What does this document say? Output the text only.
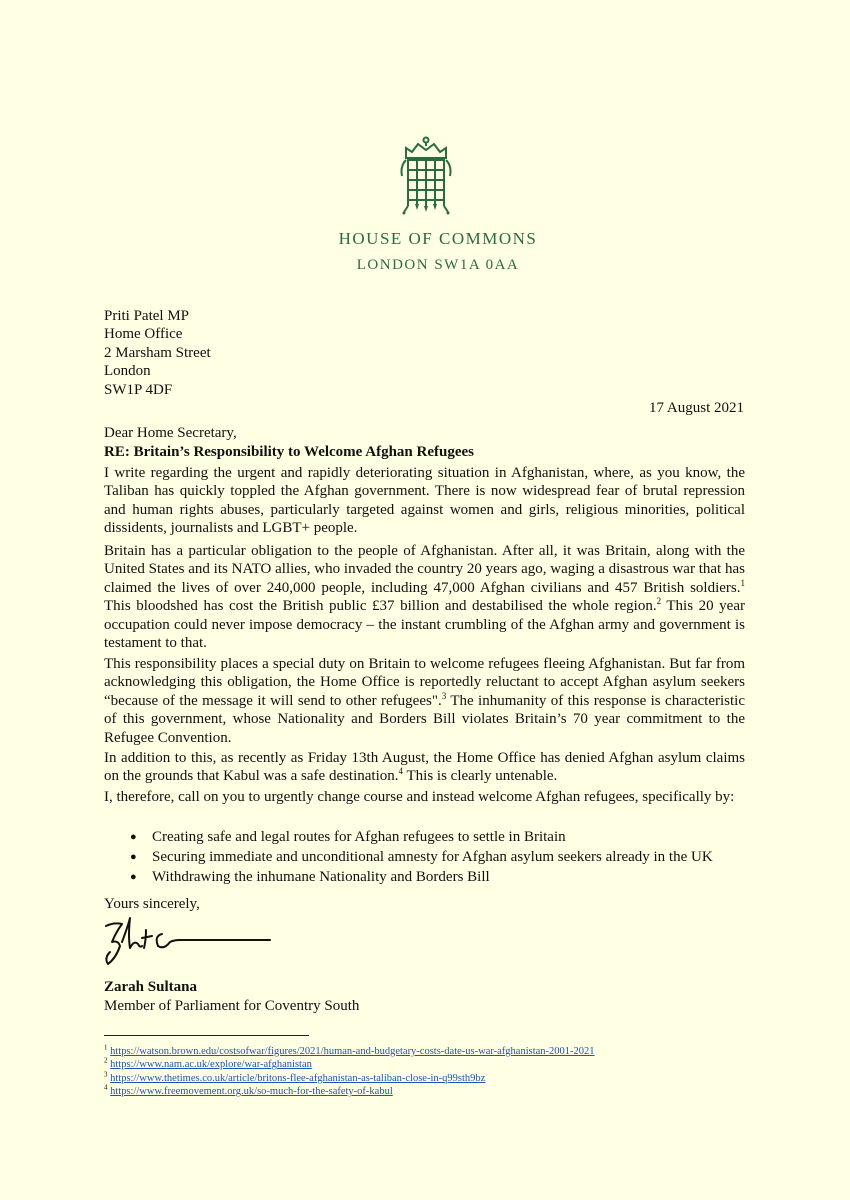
HOUSE OF COMMONS
LONDON SW1A 0AA
Priti Patel MP
Home Office
2 Marsham Street
London
SW1P 4DF
17 August 2021
Dear Home Secretary,
RE: Britain’s Responsibility to Welcome Afghan Refugees

I write regarding the urgent and rapidly deteriorating situation in Afghanistan, where, as you know, the Taliban has quickly toppled the Afghan government. There is now widespread fear of brutal repression and human rights abuses, particularly targeted against women and girls, religious minorities, political dissidents, journalists and LGBT+ people.

Britain has a particular obligation to the people of Afghanistan. After all, it was Britain, along with the United States and its NATO allies, who invaded the country 20 years ago, waging a disastrous war that has claimed the lives of over 240,000 people, including 47,000 Afghan civilians and 457 British soldiers.$^1$ This bloodshed has cost the British public £37 billion and destabilised the whole region.$^2$ This 20 year occupation could never impose democracy – the instant crumbling of the Afghan army and government is testament to that.

This responsibility places a special duty on Britain to welcome refugees fleeing Afghanistan. But far from acknowledging this obligation, the Home Office is reportedly reluctant to accept Afghan asylum seekers “because of the message it will send to other refugees".$^3$ The inhumanity of this response is characteristic of this government, whose Nationality and Borders Bill violates Britain’s 70 year commitment to the Refugee Convention.

In addition to this, as recently as Friday 13th August, the Home Office has denied Afghan asylum claims on the grounds that Kabul was a safe destination.$^4$ This is clearly untenable.

I, therefore, call on you to urgently change course and instead welcome Afghan refugees, specifically by:

● Creating safe and legal routes for Afghan refugees to settle in Britain
● Securing immediate and unconditional amnesty for Afghan asylum seekers already in the UK
● Withdrawing the inhumane Nationality and Borders Bill
Yours sincerely,
Zarah Sultana
Member of Parliament for Coventry South
$^1$ https://watson.brown.edu/costsofwar/figures/2021/human-and-budgetary-costs-date-us-war-afghanistan-2001-2021
$^2$ https://www.nam.ac.uk/explore/war-afghanistan
$^3$ https://www.thetimes.co.uk/article/britons-flee-afghanistan-as-taliban-close-in-q99sth9bz
$^4$ https://www.freemovement.org.uk/so-much-for-the-safety-of-kabul
